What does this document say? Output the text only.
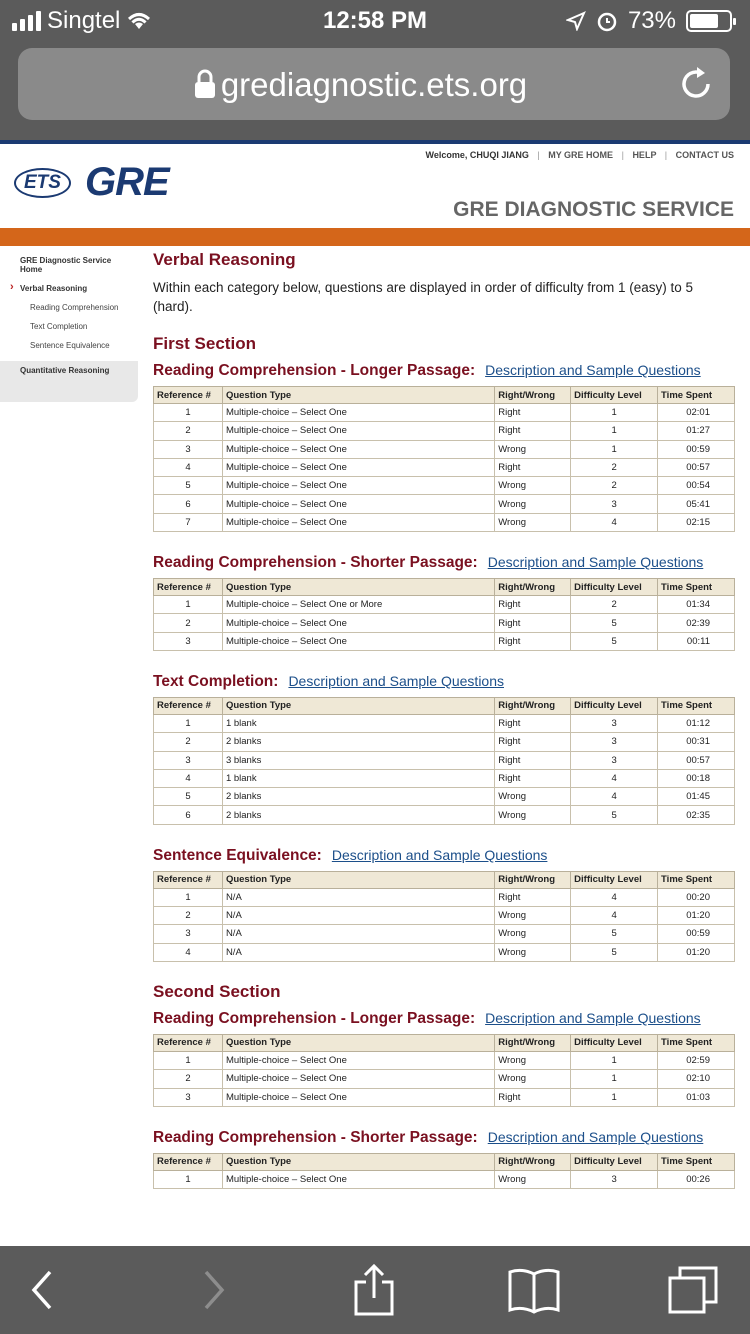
Singtel	12:58 PM	73%
grediagnostic.ets.org
Welcome, CHUQI JIANG | MY GRE HOME | HELP | CONTACT US
ETS GRE
GRE DIAGNOSTIC SERVICE
GRE Diagnostic Service Home
› Verbal Reasoning
Reading Comprehension
Text Completion
Sentence Equivalence
Quantitative Reasoning
Verbal Reasoning
Within each category below, questions are displayed in order of difficulty from 1 (easy) to 5 (hard).
First Section
Reading Comprehension - Longer Passage: Description and Sample Questions
Reference #	Question Type	Right/Wrong	Difficulty Level	Time Spent
1	Multiple-choice – Select One	Right	1	02:01
2	Multiple-choice – Select One	Right	1	01:27
3	Multiple-choice – Select One	Wrong	1	00:59
4	Multiple-choice – Select One	Right	2	00:57
5	Multiple-choice – Select One	Wrong	2	00:54
6	Multiple-choice – Select One	Wrong	3	05:41
7	Multiple-choice – Select One	Wrong	4	02:15
Reading Comprehension - Shorter Passage: Description and Sample Questions
Reference #	Question Type	Right/Wrong	Difficulty Level	Time Spent
1	Multiple-choice – Select One or More	Right	2	01:34
2	Multiple-choice – Select One	Right	5	02:39
3	Multiple-choice – Select One	Right	5	00:11
Text Completion: Description and Sample Questions
Reference #	Question Type	Right/Wrong	Difficulty Level	Time Spent
1	1 blank	Right	3	01:12
2	2 blanks	Right	3	00:31
3	3 blanks	Right	3	00:57
4	1 blank	Right	4	00:18
5	2 blanks	Wrong	4	01:45
6	2 blanks	Wrong	5	02:35
Sentence Equivalence: Description and Sample Questions
Reference #	Question Type	Right/Wrong	Difficulty Level	Time Spent
1	N/A	Right	4	00:20
2	N/A	Wrong	4	01:20
3	N/A	Wrong	5	00:59
4	N/A	Wrong	5	01:20
Second Section
Reading Comprehension - Longer Passage: Description and Sample Questions
Reference #	Question Type	Right/Wrong	Difficulty Level	Time Spent
1	Multiple-choice – Select One	Wrong	1	02:59
2	Multiple-choice – Select One	Wrong	1	02:10
3	Multiple-choice – Select One	Right	1	01:03
Reading Comprehension - Shorter Passage: Description and Sample Questions
Reference #	Question Type	Right/Wrong	Difficulty Level	Time Spent
1	Multiple-choice – Select One	Wrong	3	00:26
